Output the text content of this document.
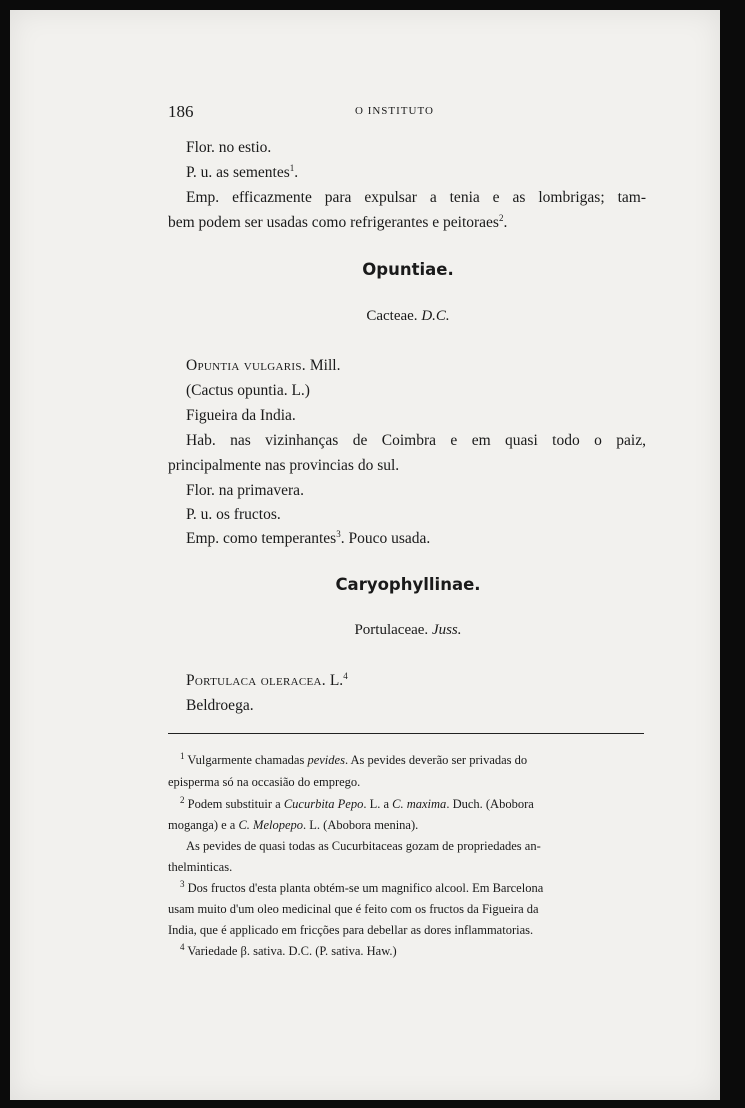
186	O INSTITUTO
Flor. no estio.
P. u. as sementes$^1$.
Emp. efficazmente para expulsar a tenia e as lombrigas; tam-
bem podem ser usadas como refrigerantes e peitoraes$^2$.
Opuntiae.
Cacteae. D.C.
Opuntia vulgaris. Mill.
(Cactus opuntia. L.)
Figueira da India.
Hab. nas vizinhanças de Coimbra e em quasi todo o paiz,
principalmente nas provincias do sul.
Flor. na primavera.
P. u. os fructos.
Emp. como temperantes$^3$. Pouco usada.
Caryophyllinae.
Portulaceae. Juss.
Portulaca oleracea. L.$^4$
Beldroega.
$^1$ Vulgarmente chamadas pevides. As pevides deverão ser privadas do
episperma só na occasião do emprego.
$^2$ Podem substituir a Cucurbita Pepo. L. a C. maxima. Duch. (Abobora
moganga) e a C. Melopepo. L. (Abobora menina).
As pevides de quasi todas as Cucurbitaceas gozam de propriedades an-
thelminticas.
$^3$ Dos fructos d'esta planta obtém-se um magnifico alcool. Em Barcelona
usam muito d'um oleo medicinal que é feito com os fructos da Figueira da
India, que é applicado em fricções para debellar as dores inflammatorias.
$^4$ Variedade β. sativa. D.C. (P. sativa. Haw.)
